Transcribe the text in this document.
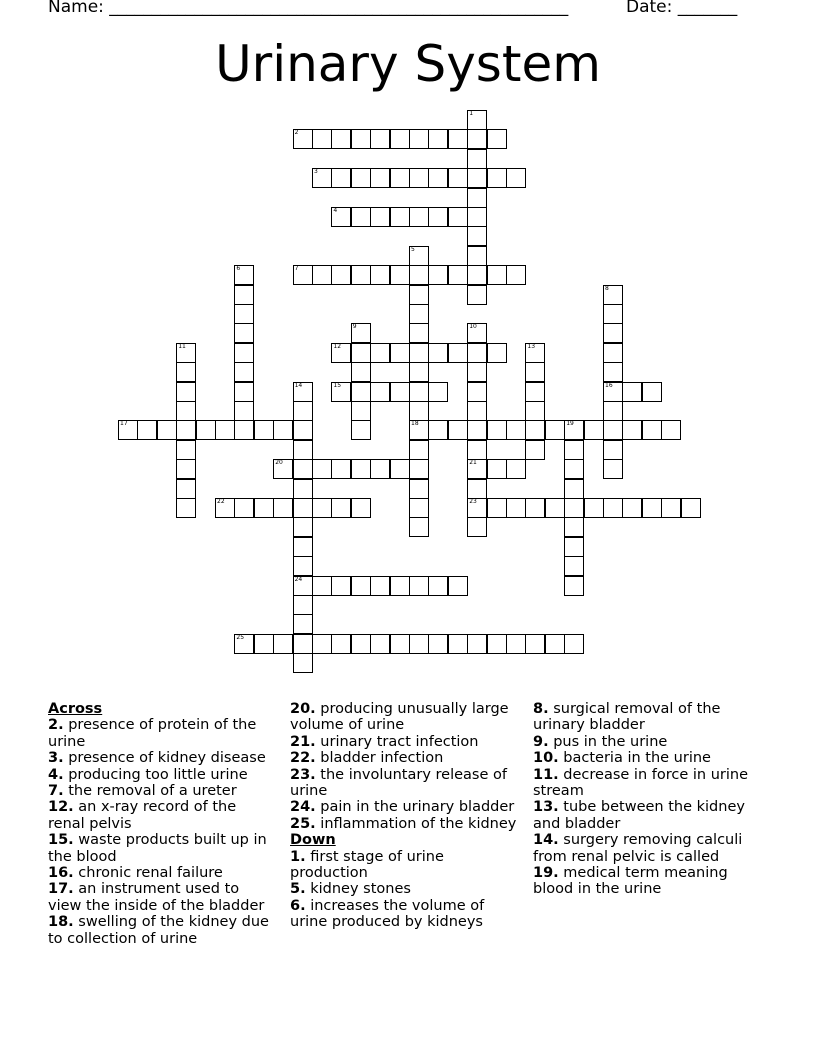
Name: ______________________________________________________	Date: _______
Urinary System
1
2
3
4
5
6	7
8
9	10
11	12	13
14	15	16
17	18	19
20	21
22	23
24
25

Across

2. presence of protein of the urine

3. presence of kidney disease

4. producing too little urine

7. the removal of a ureter

12. an x-ray record of the renal pelvis

15. waste products built up in the blood

16. chronic renal failure

17. an instrument used to view the inside of the bladder

18. swelling of the kidney due to collection of urine

20. producing unusually large volume of urine

21. urinary tract infection

22. bladder infection

23. the involuntary release of urine

24. pain in the urinary bladder

25. inflammation of the kidney

Down

1. first stage of urine production

5. kidney stones

6. increases the volume of urine produced by kidneys

8. surgical removal of the urinary bladder

9. pus in the urine

10. bacteria in the urine

11. decrease in force in urine stream

13. tube between the kidney and bladder

14. surgery removing calculi from renal pelvic is called

19. medical term meaning blood in the urine
